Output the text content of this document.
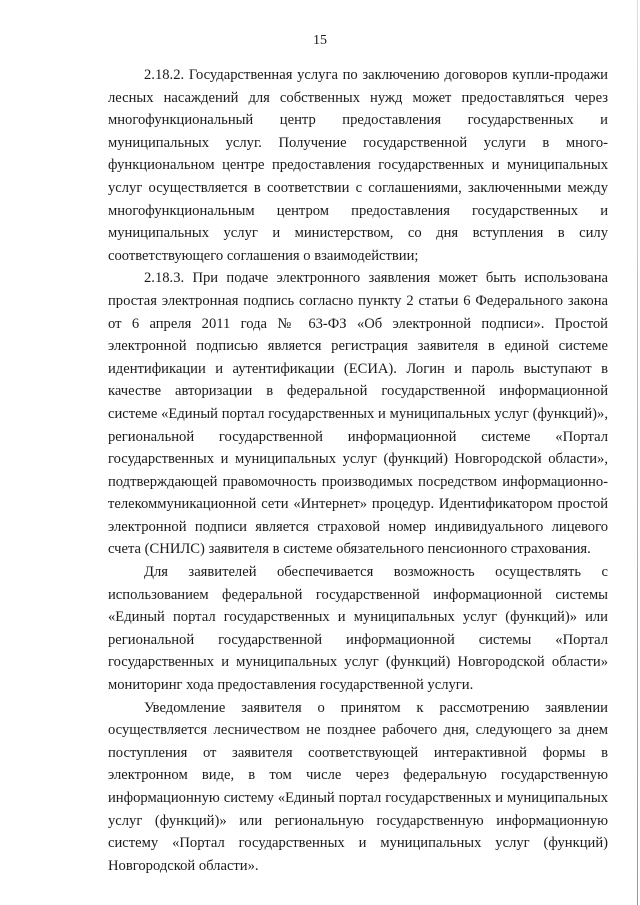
15

2.18.2. Государственная услуга по заключению договоров купли-продажи лесных насаждений для собственных нужд может предоставляться через многофункциональный центр предоставления государственных и муниципальных услуг. Получение государственной услуги в много-функциональном центре предоставления государственных и муниципальных услуг осуществляется в соответствии с соглашениями, заключенными между многофункциональным центром предоставления государственных и муниципальных услуг и министерством, со дня вступления в силу соответствующего соглашения о взаимодействии;

2.18.3. При подаче электронного заявления может быть использована простая электронная подпись согласно пункту 2 статьи 6 Федерального закона от 6 апреля 2011 года № 63-ФЗ «Об электронной подписи». Простой электронной подписью является регистрация заявителя в единой системе идентификации и аутентификации (ЕСИА). Логин и пароль выступают в качестве авторизации в федеральной государственной информационной системе «Единый портал государственных и муниципальных услуг (функций)», региональной государственной информационной системе «Портал государственных и муниципальных услуг (функций) Новгородской области», подтверждающей правомочность производимых посредством информационно-телекоммуникационной сети «Интернет» процедур. Идентификатором простой электронной подписи является страховой номер индивидуального лицевого счета (СНИЛС) заявителя в системе обязательного пенсионного страхования.

Для заявителей обеспечивается возможность осуществлять с использованием федеральной государственной информационной системы «Единый портал государственных и муниципальных услуг (функций)» или региональной государственной информационной системы «Портал государственных и муниципальных услуг (функций) Новгородской области» мониторинг хода предоставления государственной услуги.

Уведомление заявителя о принятом к рассмотрению заявлении осуществляется лесничеством не позднее рабочего дня, следующего за днем поступления от заявителя соответствующей интерактивной формы в электронном виде, в том числе через федеральную государственную информационную систему «Единый портал государственных и муниципальных услуг (функций)» или региональную государственную информационную систему «Портал государственных и муниципальных услуг (функций) Новгородской области».
